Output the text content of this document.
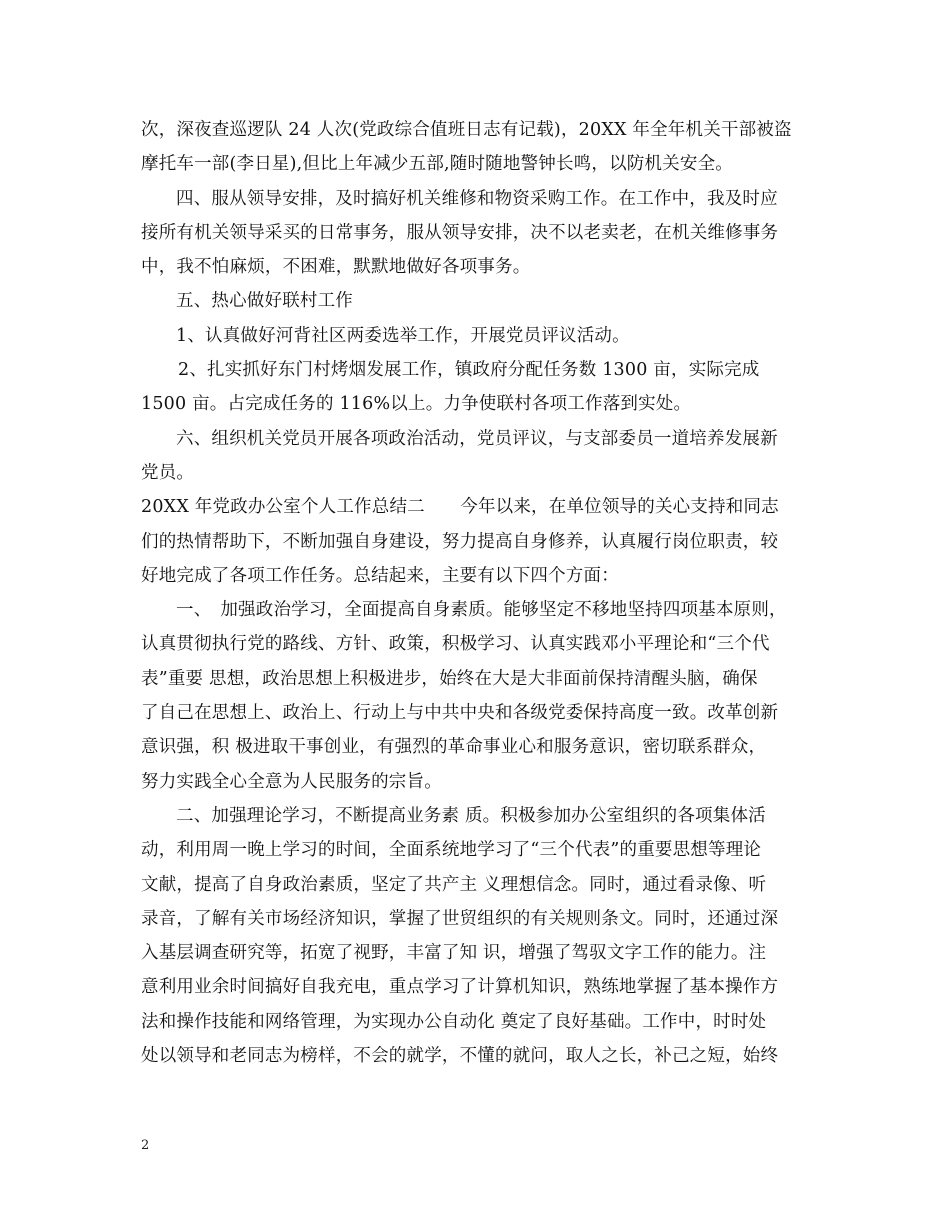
次，深夜查巡逻队 24 人次(党政综合值班日志有记载)，20XX 年全年机关干部被盗
摩托车一部(李日星),但比上年减少五部,随时随地警钟长鸣，以防机关安全。
四、服从领导安排，及时搞好机关维修和物资采购工作。在工作中，我及时应
接所有机关领导采买的日常事务，服从领导安排，决不以老卖老，在机关维修事务
中，我不怕麻烦，不困难，默默地做好各项事务。
五、热心做好联村工作
1、认真做好河背社区两委选举工作，开展党员评议活动。
2、扎实抓好东门村烤烟发展工作，镇政府分配任务数 1300 亩，实际完成
1500 亩。占完成任务的 116%以上。力争使联村各项工作落到实处。
六、组织机关党员开展各项政治活动，党员评议，与支部委员一道培养发展新
党员。
20XX 年党政办公室个人工作总结二　　今年以来，在单位领导的关心支持和同志
们的热情帮助下，不断加强自身建设，努力提高自身修养，认真履行岗位职责，较
好地完成了各项工作任务。总结起来，主要有以下四个方面：
一、　加强政治学习，全面提高自身素质。能够坚定不移地坚持四项基本原则，
认真贯彻执行党的路线、方针、政策，积极学习、认真实践邓小平理论和“三个代
表”重要 思想，政治思想上积极进步，始终在大是大非面前保持清醒头脑，确保
了自己在思想上、政治上、行动上与中共中央和各级党委保持高度一致。改革创新
意识强，积 极进取干事创业，有强烈的革命事业心和服务意识，密切联系群众，
努力实践全心全意为人民服务的宗旨。
二、加强理论学习，不断提高业务素 质。积极参加办公室组织的各项集体活
动，利用周一晚上学习的时间，全面系统地学习了“三个代表”的重要思想等理论
文献，提高了自身政治素质，坚定了共产主 义理想信念。同时，通过看录像、听
录音，了解有关市场经济知识，掌握了世贸组织的有关规则条文。同时，还通过深
入基层调查研究等，拓宽了视野，丰富了知 识，增强了驾驭文字工作的能力。注
意利用业余时间搞好自我充电，重点学习了计算机知识，熟练地掌握了基本操作方
法和操作技能和网络管理，为实现办公自动化 奠定了良好基础。工作中，时时处
处以领导和老同志为榜样，不会的就学，不懂的就问，取人之长，补己之短，始终
2
